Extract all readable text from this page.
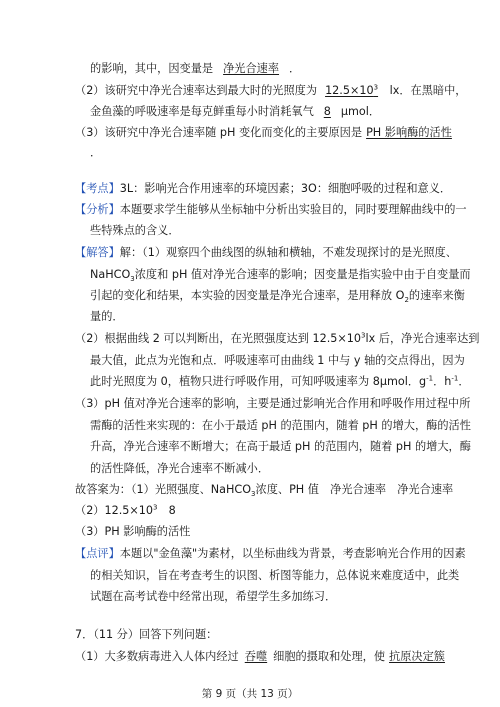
的影响，其中，因变量是 净光合速率 ．
（2）该研究中净光合速率达到最大时的光照度为 $12.5\times 10^3$ lx．在黑暗中，
金鱼藻的呼吸速率是每克鲜重每小时消耗氧气 8 μmol．
（3）该研究中净光合速率随 pH 变化而变化的主要原因是 PH 影响酶的活性
．
【考点】3L：影响光合作用速率的环境因素；3O：细胞呼吸的过程和意义．
【分析】本题要求学生能够从坐标轴中分析出实验目的，同时要理解曲线中的一
些特殊点的含义．
【解答】解：（1）观察四个曲线图的纵轴和横轴，不难发现探讨的是光照度、
NaHCO$_3$浓度和 pH 值对净光合速率的影响；因变量是指实验中由于自变量而
引起的变化和结果，本实验的因变量是净光合速率，是用释放 $O_2$的速率来衡
量的．
（2）根据曲线 2 可以判断出，在光照强度达到 $12.5\times 10^3lx$ 后，净光合速率达到
最大值，此点为光饱和点．呼吸速率可由曲线 1 中与 y 轴的交点得出，因为
此时光照度为 0，植物只进行呼吸作用，可知呼吸速率为 8μmol．$g^{-1}$．$h^{-1}$．
（3）pH 值对净光合速率的影响，主要是通过影响光合作用和呼吸作用过程中所
需酶的活性来实现的：在小于最适 pH 的范围内，随着 pH 的增大，酶的活性
升高，净光合速率不断增大；在高于最适 pH 的范围内，随着 pH 的增大，酶
的活性降低，净光合速率不断减小．
故答案为：（1）光照强度、NaHCO$_3$浓度、PH 值　净光合速率　净光合速率
$(2)12.5\times 10^3$　8
（3）PH 影响酶的活性
【点评】本题以"金鱼藻"为素材，以坐标曲线为背景，考查影响光合作用的因素
的相关知识，旨在考查考生的识图、析图等能力，总体说来难度适中，此类
试题在高考试卷中经常出现，希望学生多加练习．
7．（11 分）回答下列问题：
（1）大多数病毒进入人体内经过 吞噬 细胞的摄取和处理，使 抗原决定簇
第 9 页（共 13 页）
